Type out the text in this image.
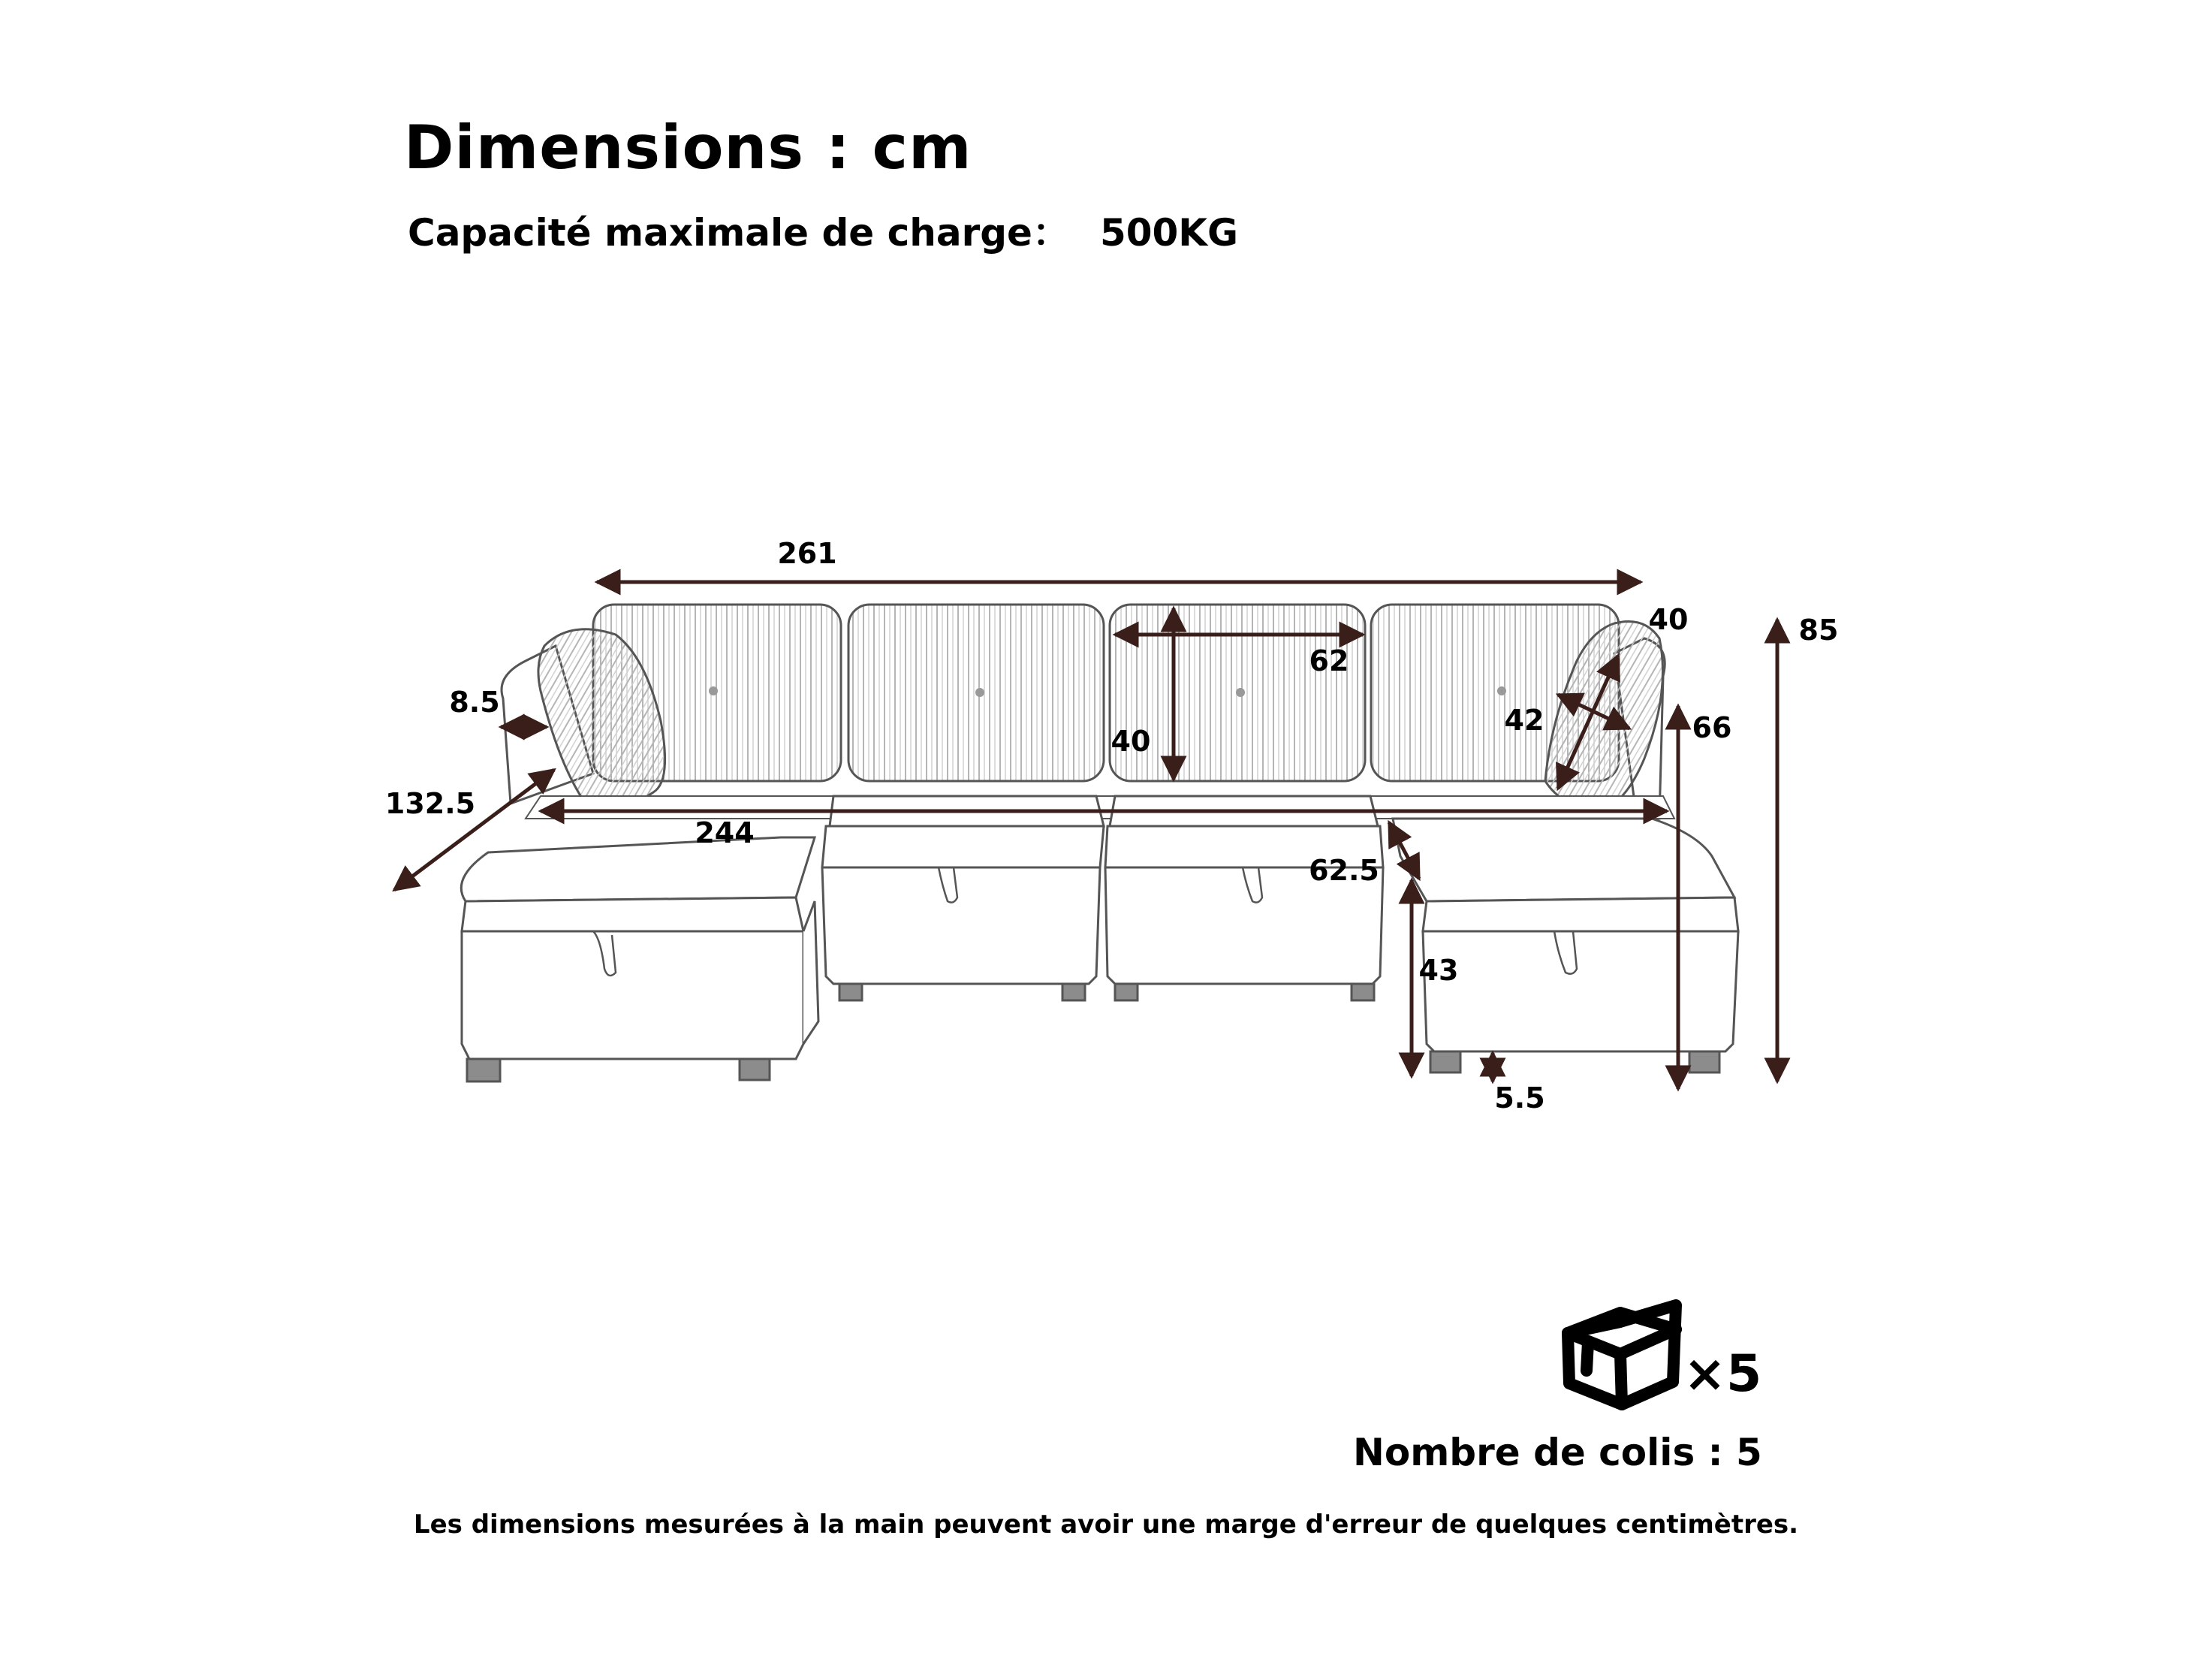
Dimensions : cm
Capacité maximale de charge： 500KG
261
244
132.5
8.5
62
40
40
42	66
85
62.5
43
5.5
×5
Nombre de colis : 5
Les dimensions mesurées à la main peuvent avoir une marge d'erreur de quelques centimètres.
